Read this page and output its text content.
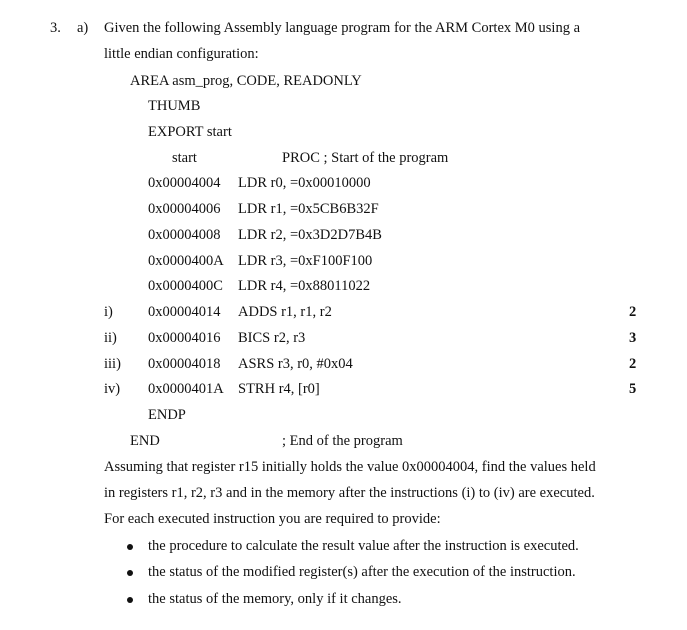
3. a) Given the following Assembly language program for the ARM Cortex M0 using a
little endian configuration:
AREA asm_prog, CODE, READONLY
THUMB
EXPORT start
start	PROC ; Start of the program
0x00004004 LDR r0, =0x00010000
0x00004006 LDR r1, =0x5CB6B32F
0x00004008 LDR r2, =0x3D2D7B4B
0x0000400A LDR r3, =0xF100F100
0x0000400C LDR r4, =0x88011022
i) 0x00004014 ADDS r1, r1, r2	2
ii) 0x00004016 BICS r2, r3	3
iii) 0x00004018 ASRS r3, r0, #0x04	2
iv) 0x0000401A STRH r4, [r0]	5
ENDP
END	; End of the program
Assuming that register r15 initially holds the value 0x00004004, find the values held
in registers r1, r2, r3 and in the memory after the instructions (i) to (iv) are executed.
For each executed instruction you are required to provide:
the procedure to calculate the result value after the instruction is executed.
the status of the modified register(s) after the execution of the instruction.
the status of the memory, only if it changes.
